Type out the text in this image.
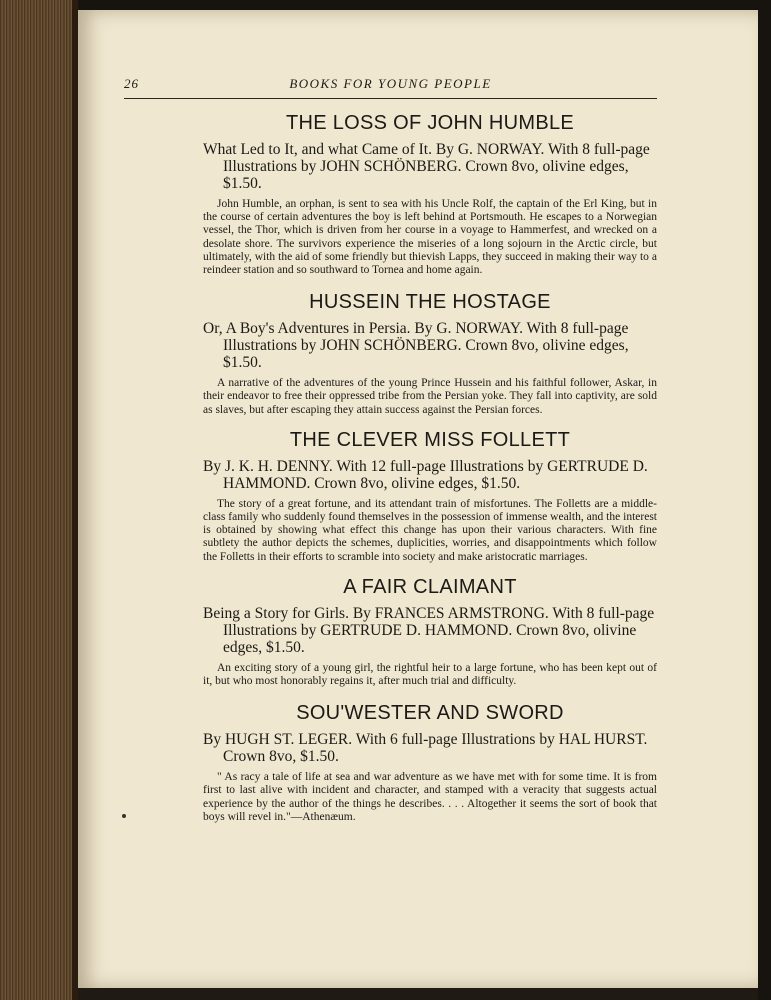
26	BOOKS FOR YOUNG PEOPLE
THE LOSS OF JOHN HUMBLE

What Led to It, and what Came of It. By G. NORWAY. With 8 full-page Illustrations by JOHN SCHÖNBERG. Crown 8vo, olivine edges, $1.50.

John Humble, an orphan, is sent to sea with his Uncle Rolf, the captain of the Erl King, but in the course of certain adventures the boy is left behind at Portsmouth. He escapes to a Norwegian vessel, the Thor, which is driven from her course in a voyage to Hammerfest, and wrecked on a desolate shore. The survivors experience the miseries of a long sojourn in the Arctic circle, but ultimately, with the aid of some friendly but thievish Lapps, they succeed in making their way to a reindeer station and so southward to Tornea and home again.

HUSSEIN THE HOSTAGE

Or, A Boy's Adventures in Persia. By G. NORWAY. With 8 full-page Illustrations by JOHN SCHÖNBERG. Crown 8vo, olivine edges, $1.50.

A narrative of the adventures of the young Prince Hussein and his faithful follower, Askar, in their endeavor to free their oppressed tribe from the Persian yoke. They fall into captivity, are sold as slaves, but after escaping they attain success against the Persian forces.

THE CLEVER MISS FOLLETT

By J. K. H. DENNY. With 12 full-page Illustrations by GERTRUDE D. HAMMOND. Crown 8vo, olivine edges, $1.50.

The story of a great fortune, and its attendant train of misfortunes. The Folletts are a middle-class family who suddenly found themselves in the possession of immense wealth, and the interest is obtained by showing what effect this change has upon their various characters. With fine subtlety the author depicts the schemes, duplicities, worries, and disappointments which follow the Folletts in their efforts to scramble into society and make aristocratic marriages.

A FAIR CLAIMANT

Being a Story for Girls. By FRANCES ARMSTRONG. With 8 full-page Illustrations by GERTRUDE D. HAMMOND. Crown 8vo, olivine edges, $1.50.

An exciting story of a young girl, the rightful heir to a large fortune, who has been kept out of it, but who most honorably regains it, after much trial and difficulty.

SOU'WESTER AND SWORD

By HUGH ST. LEGER. With 6 full-page Illustrations by HAL HURST. Crown 8vo, $1.50.

" As racy a tale of life at sea and war adventure as we have met with for some time. It is from first to last alive with incident and character, and stamped with a veracity that suggests actual experience by the author of the things he describes. . . . Altogether it seems the sort of book that boys will revel in."—Athenæum.
